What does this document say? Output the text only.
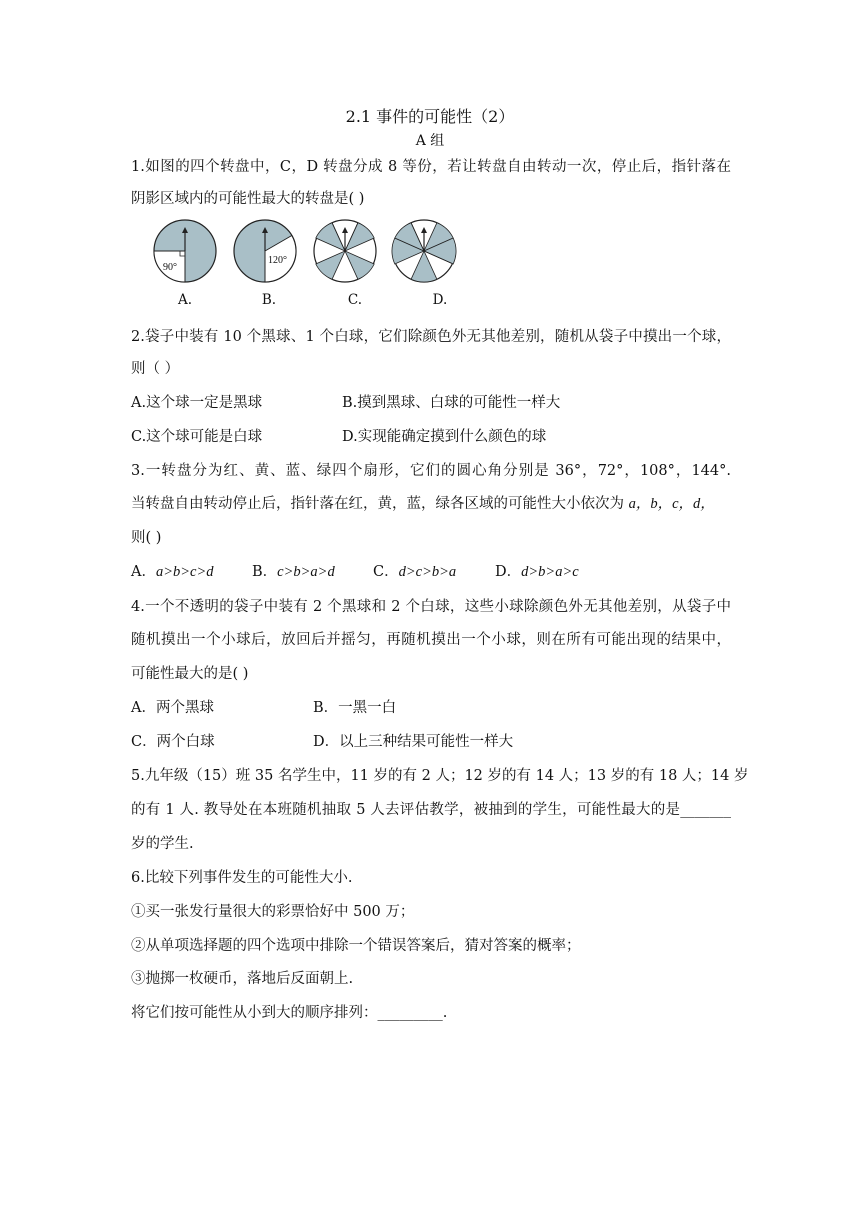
2.1 事件的可能性（2）
A 组
1.如图的四个转盘中，C，D 转盘分成 8 等份，若让转盘自由转动一次，停止后，指针落在
阴影区域内的可能性最大的转盘是( )
90°
120°
A.	B.	C.	D.
2.袋子中装有 10 个黑球、1 个白球，它们除颜色外无其他差别，随机从袋子中摸出一个球，
则（ ）
A.这个球一定是黑球	B.摸到黑球、白球的可能性一样大
C.这个球可能是白球	D.实现能确定摸到什么颜色的球
3.一转盘分为红、黄、蓝、绿四个扇形，它们的圆心角分别是 36°，72°，108°，144°.
当转盘自由转动停止后，指针落在红，黄，蓝，绿各区域的可能性大小依次为 a，b，c，d，
则( )
A．a>b>c>d	B．c>b>a>d	C．d>c>b>a	D．d>b>a>c
4.一个不透明的袋子中装有 2 个黑球和 2 个白球，这些小球除颜色外无其他差别，从袋子中
随机摸出一个小球后，放回后并摇匀，再随机摸出一个小球，则在所有可能出现的结果中，
可能性最大的是( )
A．两个黑球	B．一黑一白
C．两个白球	D．以上三种结果可能性一样大
5.九年级（15）班 35 名学生中，11 岁的有 2 人；12 岁的有 14 人；13 岁的有 18 人；14 岁
的有 1 人. 教导处在本班随机抽取 5 人去评估教学，被抽到的学生，可能性最大的是_______
岁的学生.
6.比较下列事件发生的可能性大小.
①买一张发行量很大的彩票恰好中 500 万；
②从单项选择题的四个选项中排除一个错误答案后，猜对答案的概率；
③抛掷一枚硬币，落地后反面朝上.
将它们按可能性从小到大的顺序排列：_________.
